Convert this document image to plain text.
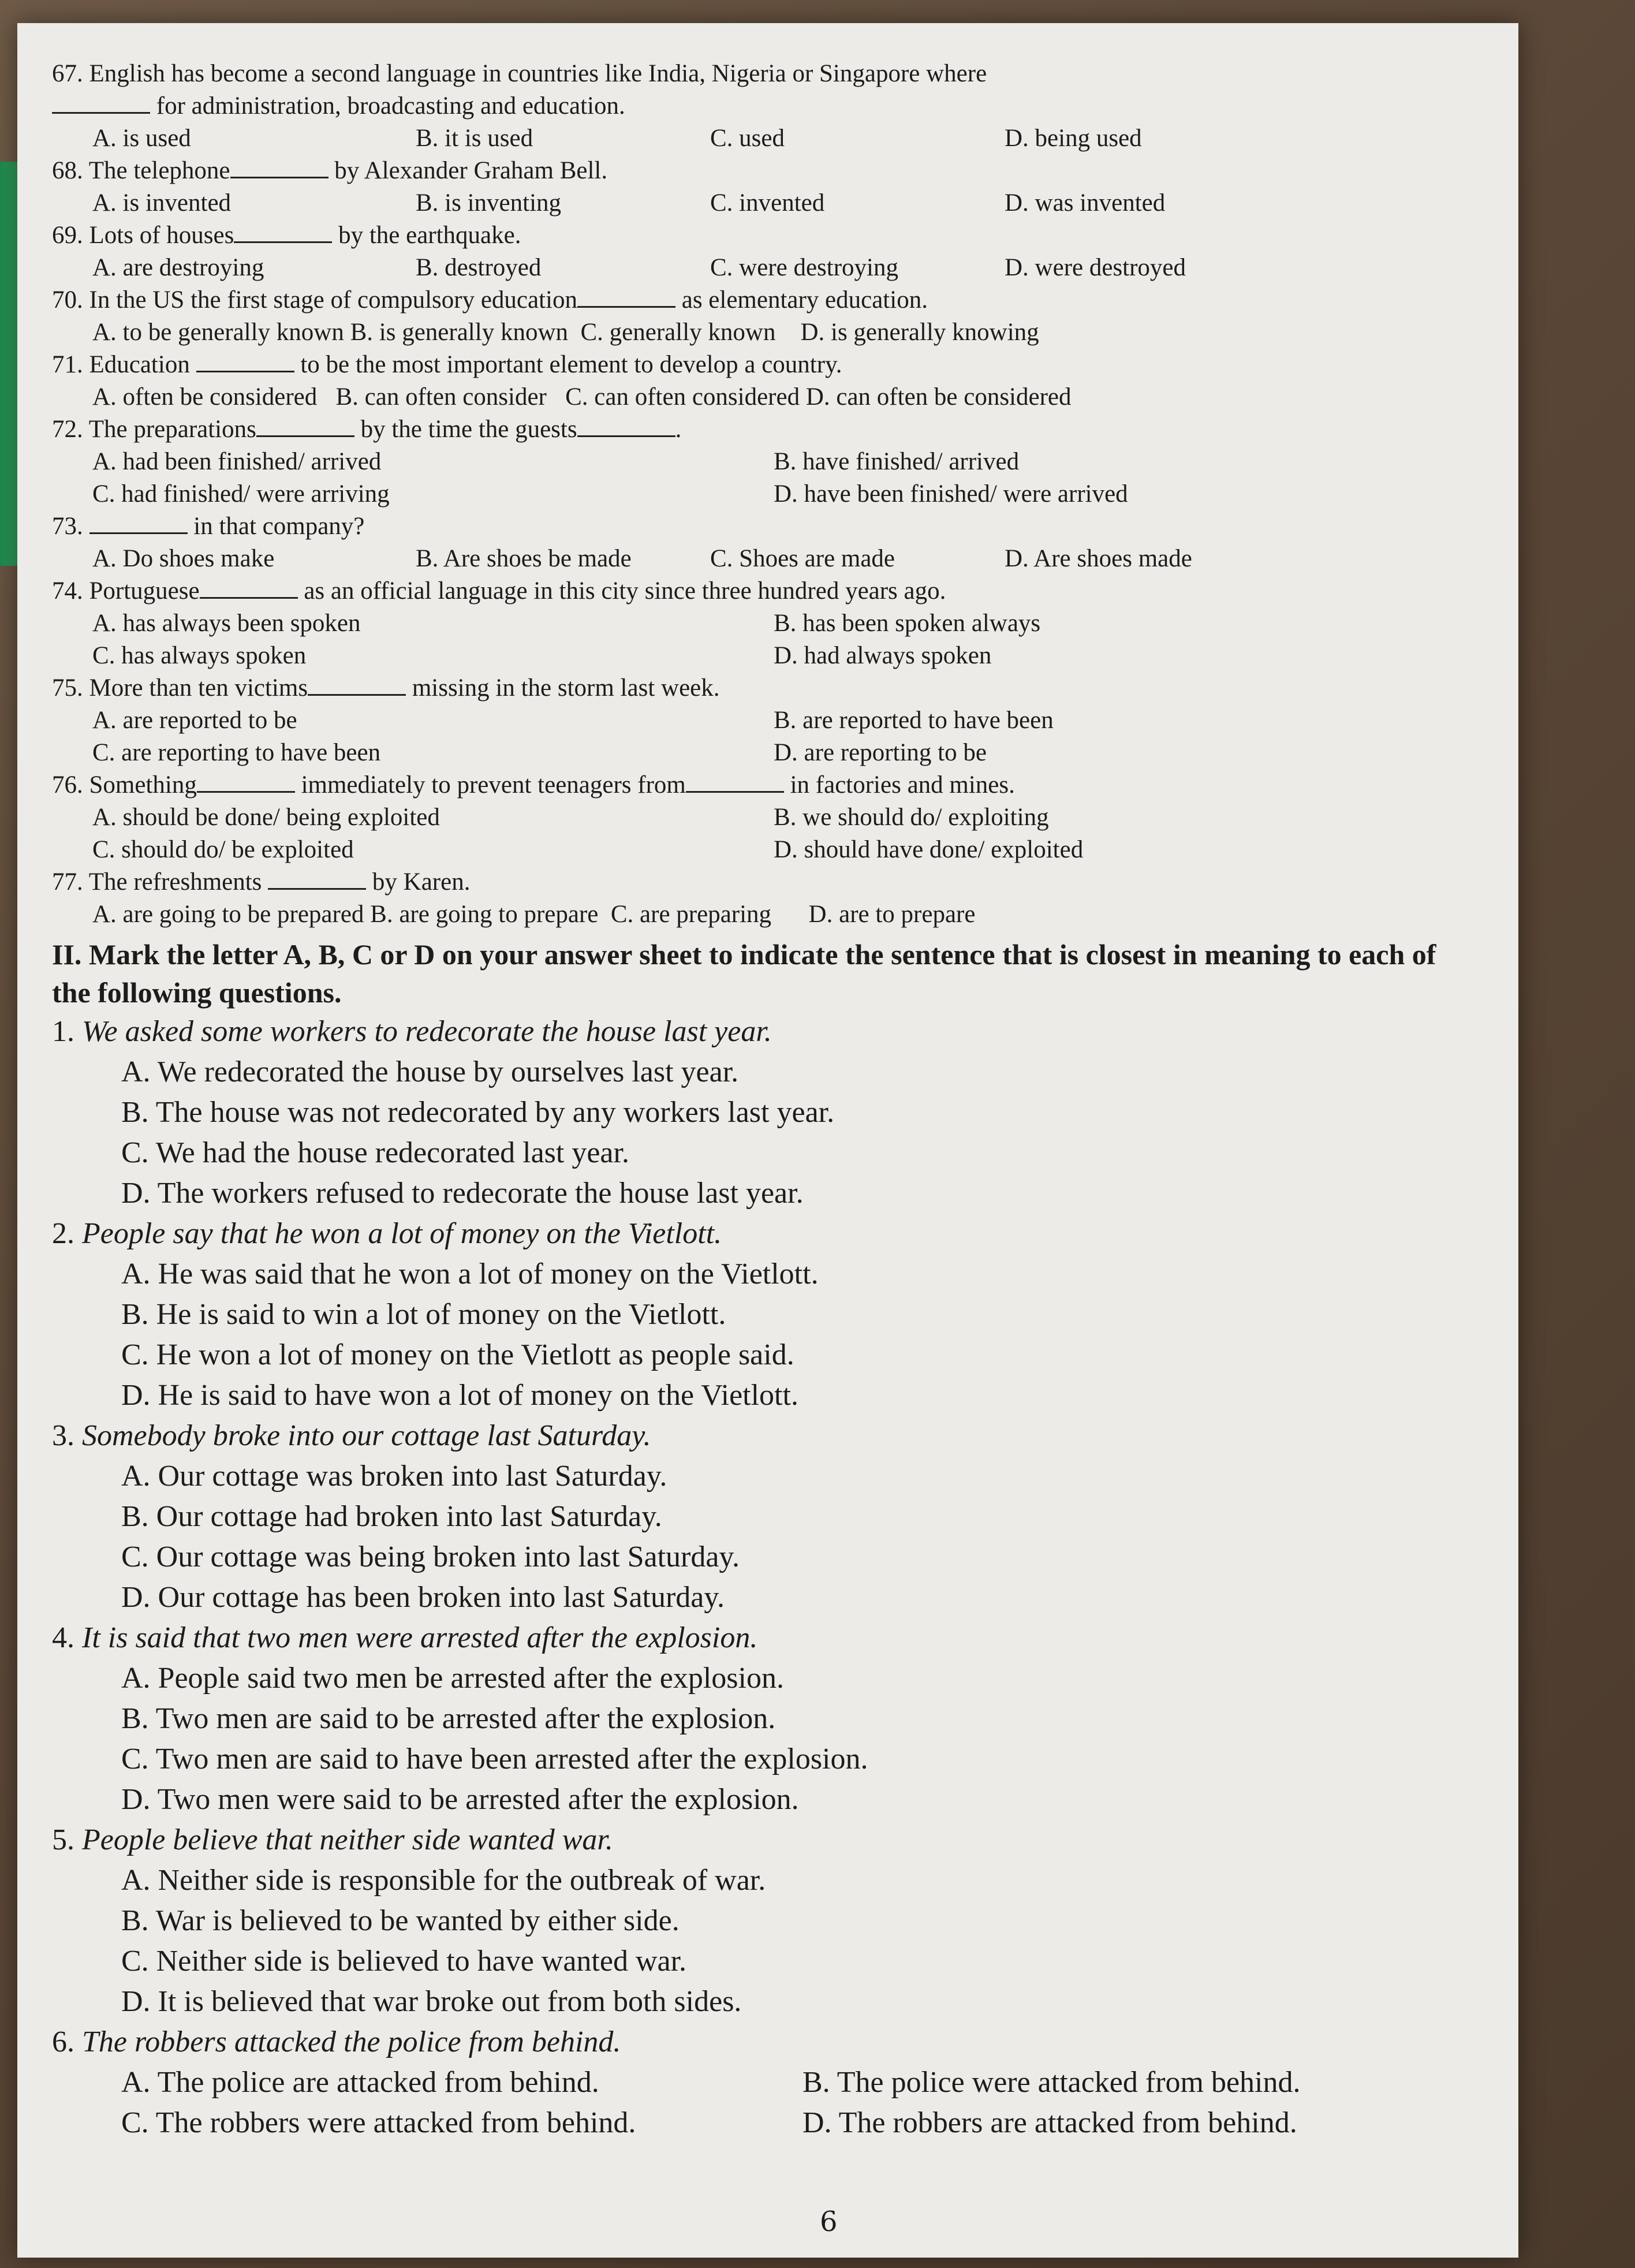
67. English has become a second language in countries like India, Nigeria or Singapore where
for administration, broadcasting and education.
A. is used	B. it is used	C. used	D. being used
68. The telephone	by Alexander Graham Bell.
A. is invented	B. is inventing	C. invented	D. was invented
69. Lots of houses	by the earthquake.
A. are destroying	B. destroyed	C. were destroying	D. were destroyed
70. In the US the first stage of compulsory education	as elementary education.
A. to be generally known B. is generally known  C. generally known    D. is generally knowing
71. Education	to be the most important element to develop a country.
A. often be considered   B. can often consider   C. can often considered D. can often be considered
72. The preparations	by the time the guests	.
A. had been finished/ arrived	B. have finished/ arrived
C. had finished/ were arriving	D. have been finished/ were arrived
73.	in that company?
A. Do shoes make	B. Are shoes be made	C. Shoes are made	D. Are shoes made
74. Portuguese	as an official language in this city since three hundred years ago.
A. has always been spoken	B. has been spoken always
C. has always spoken	D. had always spoken
75. More than ten victims	missing in the storm last week.
A. are reported to be	B. are reported to have been
C. are reporting to have been	D. are reporting to be
76. Something	immediately to prevent teenagers from	in factories and mines.
A. should be done/ being exploited	B. we should do/ exploiting
C. should do/ be exploited	D. should have done/ exploited
77. The refreshments	by Karen.
A. are going to be prepared B. are going to prepare  C. are preparing      D. are to prepare
II. Mark the letter A, B, C or D on your answer sheet to indicate the sentence that is closest in meaning to each of the following questions.
1. We asked some workers to redecorate the house last year.
A. We redecorated the house by ourselves last year.
B. The house was not redecorated by any workers last year.
C. We had the house redecorated last year.
D. The workers refused to redecorate the house last year.
2. People say that he won a lot of money on the Vietlott.
A. He was said that he won a lot of money on the Vietlott.
B. He is said to win a lot of money on the Vietlott.
C. He won a lot of money on the Vietlott as people said.
D. He is said to have won a lot of money on the Vietlott.
3. Somebody broke into our cottage last Saturday.
A. Our cottage was broken into last Saturday.
B. Our cottage had broken into last Saturday.
C. Our cottage was being broken into last Saturday.
D. Our cottage has been broken into last Saturday.
4. It is said that two men were arrested after the explosion.
A. People said two men be arrested after the explosion.
B. Two men are said to be arrested after the explosion.
C. Two men are said to have been arrested after the explosion.
D. Two men were said to be arrested after the explosion.
5. People believe that neither side wanted war.
A. Neither side is responsible for the outbreak of war.
B. War is believed to be wanted by either side.
C. Neither side is believed to have wanted war.
D. It is believed that war broke out from both sides.
6. The robbers attacked the police from behind.
A. The police are attacked from behind.	B. The police were attacked from behind.
C. The robbers were attacked from behind.	D. The robbers are attacked from behind.
6
